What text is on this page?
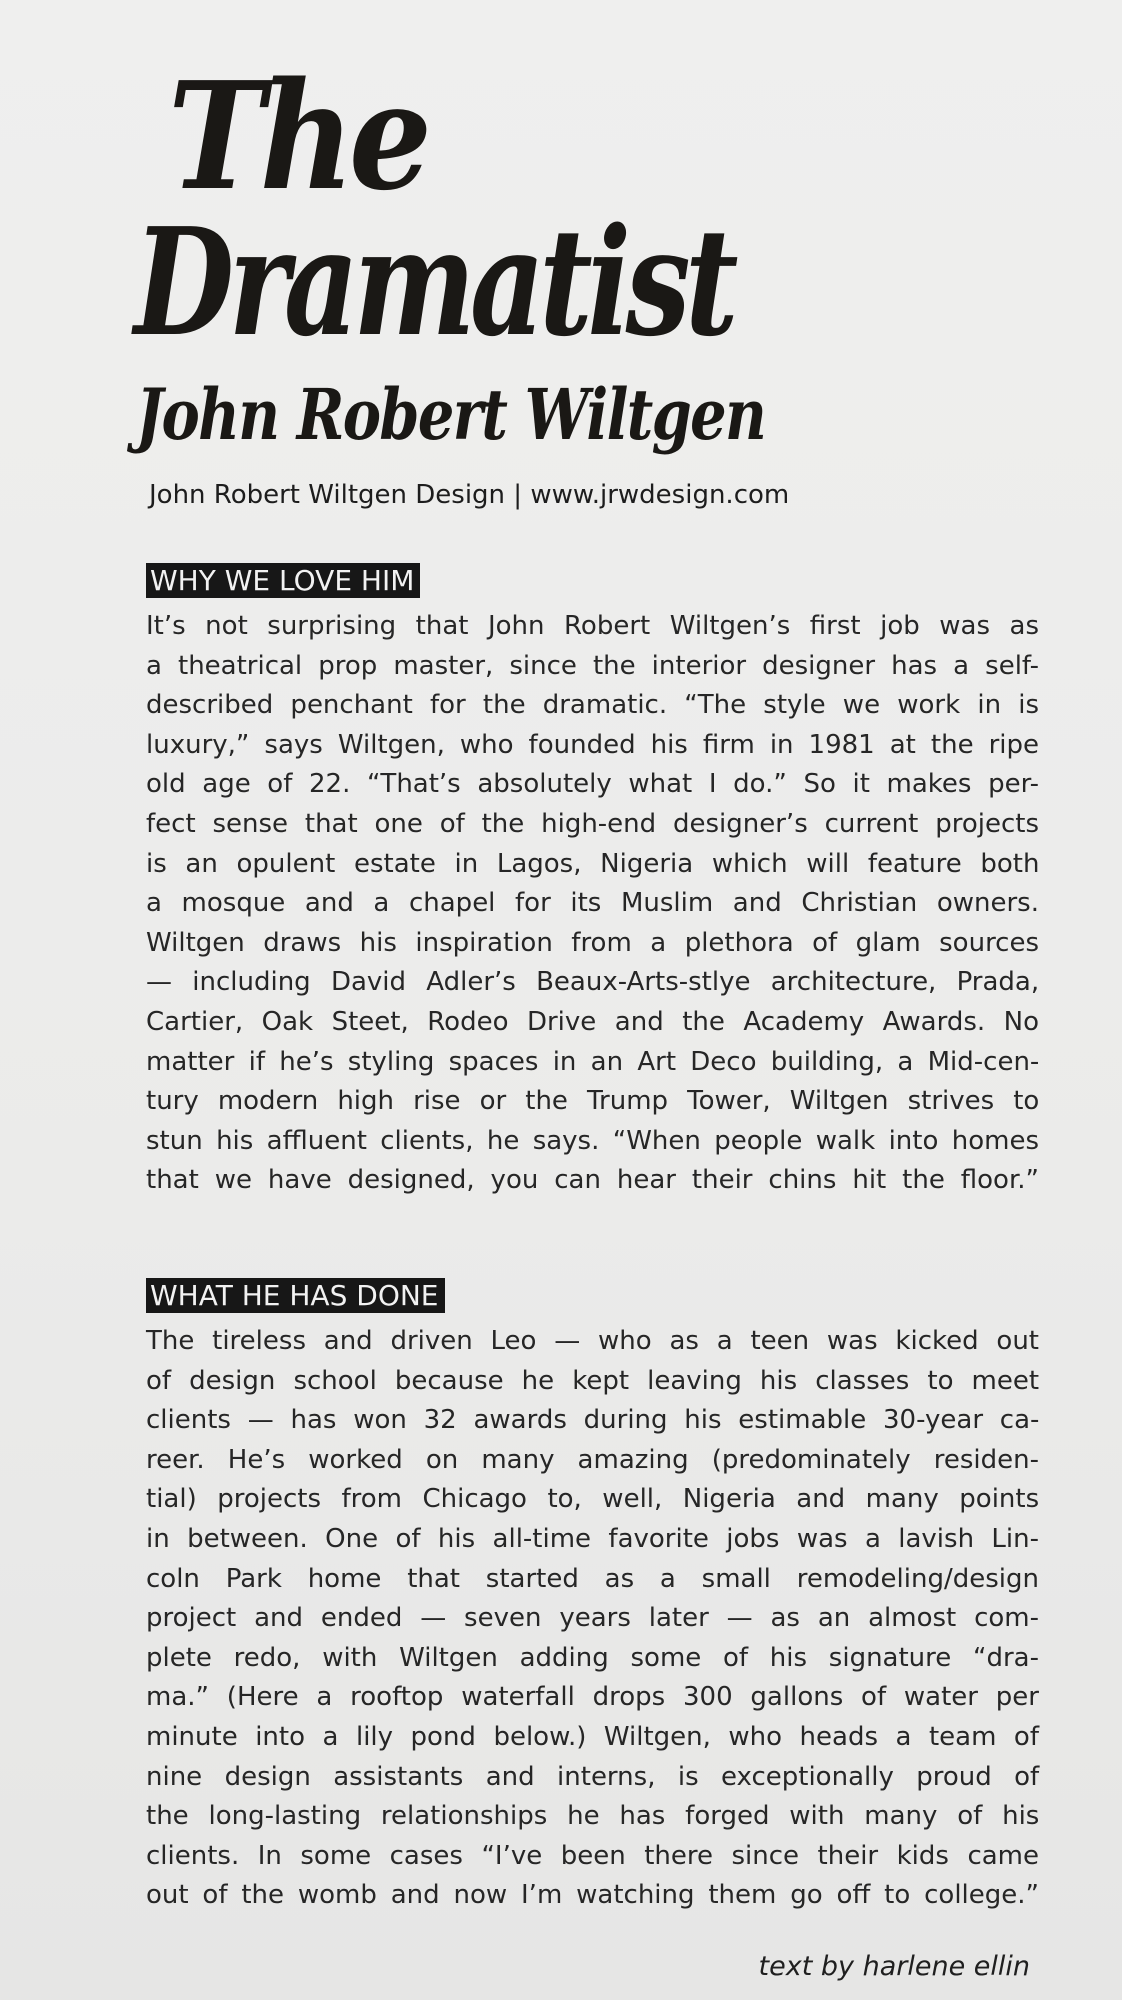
The
Dramatist
John Robert Wiltgen
John Robert Wiltgen Design | www.jrwdesign.com
WHY WE LOVE HIM

It’s not surprising that John Robert Wiltgen’s first job was as
a theatrical prop master, since the interior designer has a self-
described penchant for the dramatic. “The style we work in is
luxury,” says Wiltgen, who founded his firm in 1981 at the ripe
old age of 22. “That’s absolutely what I do.” So it makes per-
fect sense that one of the high-end designer’s current projects
is an opulent estate in Lagos, Nigeria which will feature both
a mosque and a chapel for its Muslim and Christian owners.
Wiltgen draws his inspiration from a plethora of glam sources
— including David Adler’s Beaux-Arts-stlye architecture, Prada,
Cartier, Oak Steet, Rodeo Drive and the Academy Awards. No
matter if he’s styling spaces in an Art Deco building, a Mid-cen-
tury modern high rise or the Trump Tower, Wiltgen strives to
stun his affluent clients, he says. “When people walk into homes
that we have designed, you can hear their chins hit the floor.”

WHAT HE HAS DONE

The tireless and driven Leo — who as a teen was kicked out
of design school because he kept leaving his classes to meet
clients — has won 32 awards during his estimable 30-year ca-
reer. He’s worked on many amazing (predominately residen-
tial) projects from Chicago to, well, Nigeria and many points
in between. One of his all-time favorite jobs was a lavish Lin-
coln Park home that started as a small remodeling/design
project and ended — seven years later — as an almost com-
plete redo, with Wiltgen adding some of his signature “dra-
ma.” (Here a rooftop waterfall drops 300 gallons of water per
minute into a lily pond below.) Wiltgen, who heads a team of
nine design assistants and interns, is exceptionally proud of
the long-lasting relationships he has forged with many of his
clients. In some cases “I’ve been there since their kids came
out of the womb and now I’m watching them go off to college.”

text by harlene ellin
